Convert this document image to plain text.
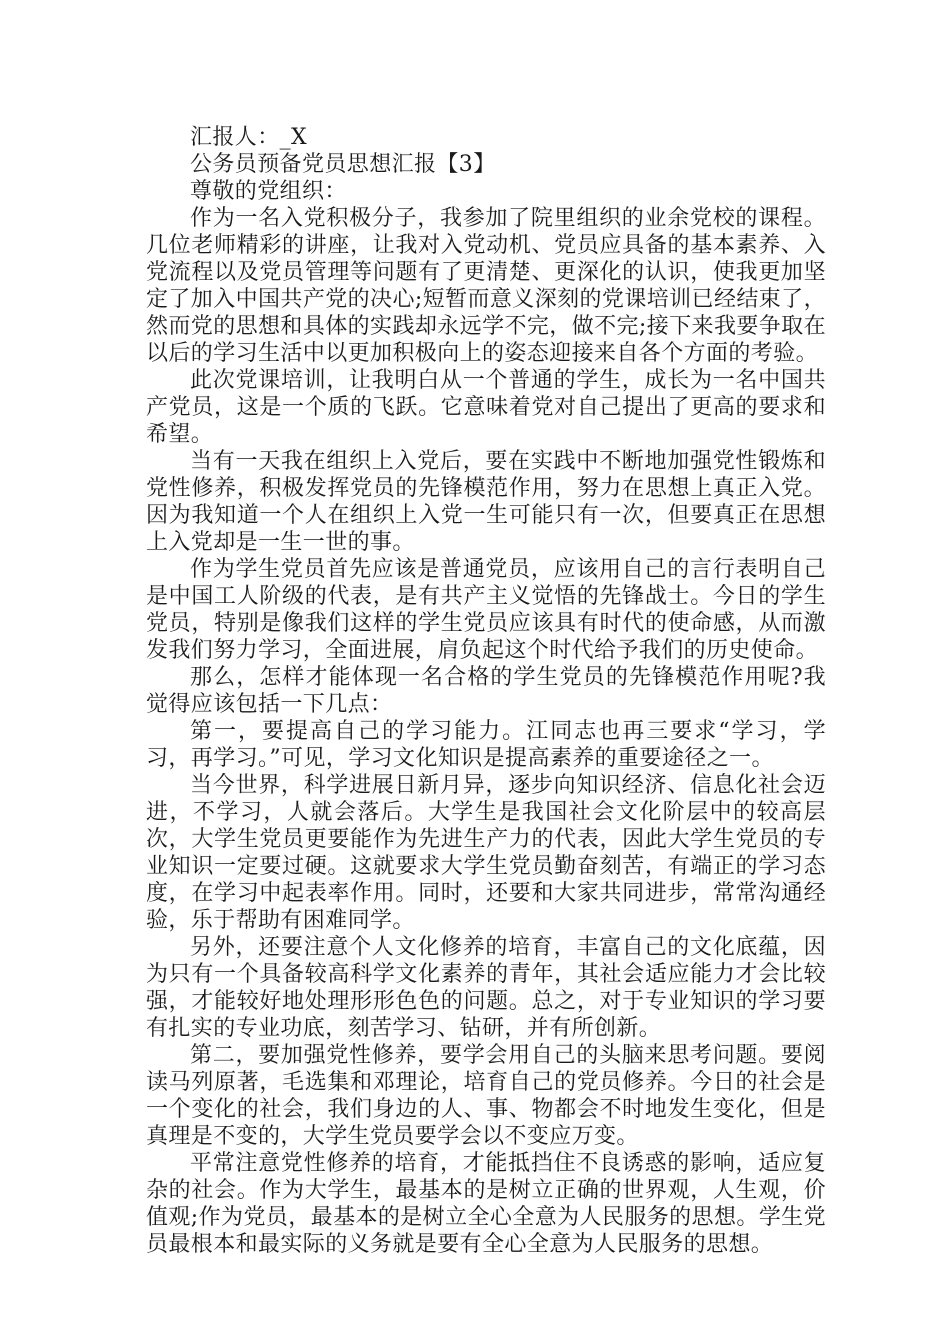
汇报人：_X

公务员预备党员思想汇报【3】

尊敬的党组织：

作为一名入党积极分子，我参加了院里组织的业余党校的课程。几位老师精彩的讲座，让我对入党动机、党员应具备的基本素养、入党流程以及党员管理等问题有了更清楚、更深化的认识，使我更加坚定了加入中国共产党的决心;短暂而意义深刻的党课培训已经结束了，然而党的思想和具体的实践却永远学不完，做不完;接下来我要争取在以后的学习生活中以更加积极向上的姿态迎接来自各个方面的考验。

此次党课培训，让我明白从一个普通的学生，成长为一名中国共产党员，这是一个质的飞跃。它意味着党对自己提出了更高的要求和希望。

当有一天我在组织上入党后，要在实践中不断地加强党性锻炼和党性修养，积极发挥党员的先锋模范作用，努力在思想上真正入党。因为我知道一个人在组织上入党一生可能只有一次，但要真正在思想上入党却是一生一世的事。

作为学生党员首先应该是普通党员，应该用自己的言行表明自己是中国工人阶级的代表，是有共产主义觉悟的先锋战士。今日的学生党员，特别是像我们这样的学生党员应该具有时代的使命感，从而激发我们努力学习，全面进展，肩负起这个时代给予我们的历史使命。

那么，怎样才能体现一名合格的学生党员的先锋模范作用呢?我觉得应该包括一下几点：

第一，要提高自己的学习能力。江同志也再三要求“学习，学习，再学习。”可见，学习文化知识是提高素养的重要途径之一。

当今世界，科学进展日新月异，逐步向知识经济、信息化社会迈进，不学习，人就会落后。大学生是我国社会文化阶层中的较高层次，大学生党员更要能作为先进生产力的代表，因此大学生党员的专业知识一定要过硬。这就要求大学生党员勤奋刻苦，有端正的学习态度，在学习中起表率作用。同时，还要和大家共同进步，常常沟通经验，乐于帮助有困难同学。

另外，还要注意个人文化修养的培育，丰富自己的文化底蕴，因为只有一个具备较高科学文化素养的青年，其社会适应能力才会比较强，才能较好地处理形形色色的问题。总之，对于专业知识的学习要有扎实的专业功底，刻苦学习、钻研，并有所创新。

第二，要加强党性修养，要学会用自己的头脑来思考问题。要阅读马列原著，毛选集和邓理论，培育自己的党员修养。今日的社会是一个变化的社会，我们身边的人、事、物都会不时地发生变化，但是真理是不变的，大学生党员要学会以不变应万变。

平常注意党性修养的培育，才能抵挡住不良诱惑的影响，适应复杂的社会。作为大学生，最基本的是树立正确的世界观，人生观，价值观;作为党员，最基本的是树立全心全意为人民服务的思想。学生党员最根本和最实际的义务就是要有全心全意为人民服务的思想。
